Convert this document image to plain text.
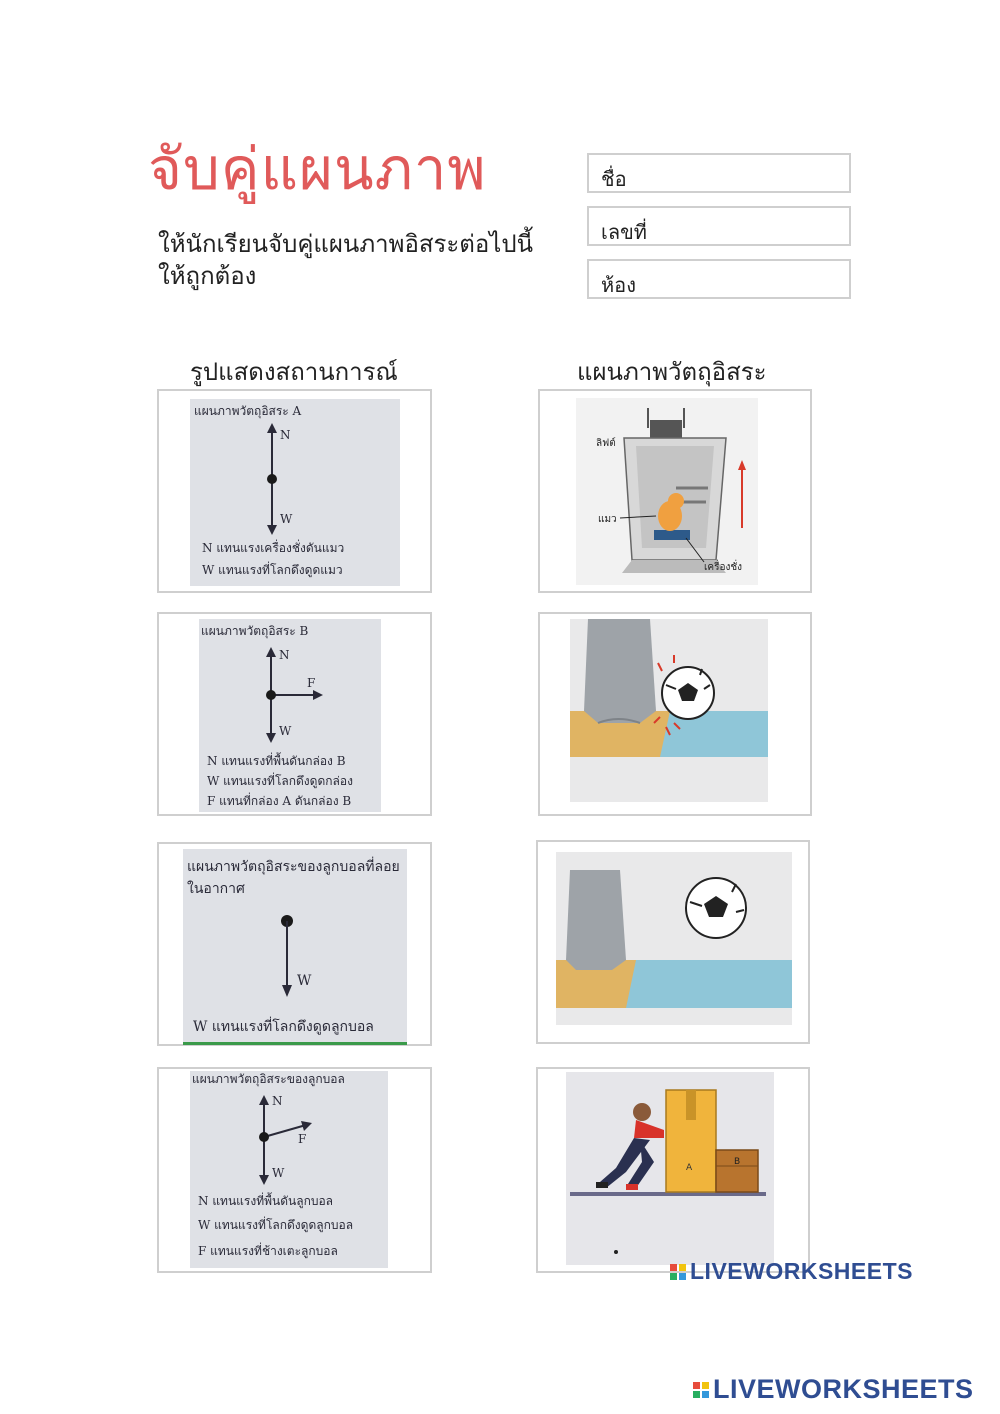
จับคู่แผนภาพ
ให้นักเรียนจับคู่แผนภาพอิสระต่อไปนี้
ให้ถูกต้อง
ชื่อ
เลขที่
ห้อง
รูปแสดงสถานการณ์	แผนภาพวัตถุอิสระ
แผนภาพวัตถุอิสระ A
N
W
N แทนแรงเครื่องชั่งดันแมว
W แทนแรงที่โลกดึงดูดแมว
ลิฟต์
แมว
เครื่องชั่ง
แผนภาพวัตถุอิสระ B
N
F
W
N แทนแรงที่พื้นดันกล่อง B
W แทนแรงที่โลกดึงดูดกล่อง
F แทนที่กล่อง A ดันกล่อง B
แผนภาพวัตถุอิสระของลูกบอลที่ลอย
ในอากาศ
W
W แทนแรงที่โลกดึงดูดลูกบอล
แผนภาพวัตถุอิสระของลูกบอล
N
F
W
N แทนแรงที่พื้นดันลูกบอล
W แทนแรงที่โลกดึงดูดลูกบอล
F แทนแรงที่ช้างเตะลูกบอล
A
B
LIVEWORKSHEETS
LIVEWORKSHEETS
